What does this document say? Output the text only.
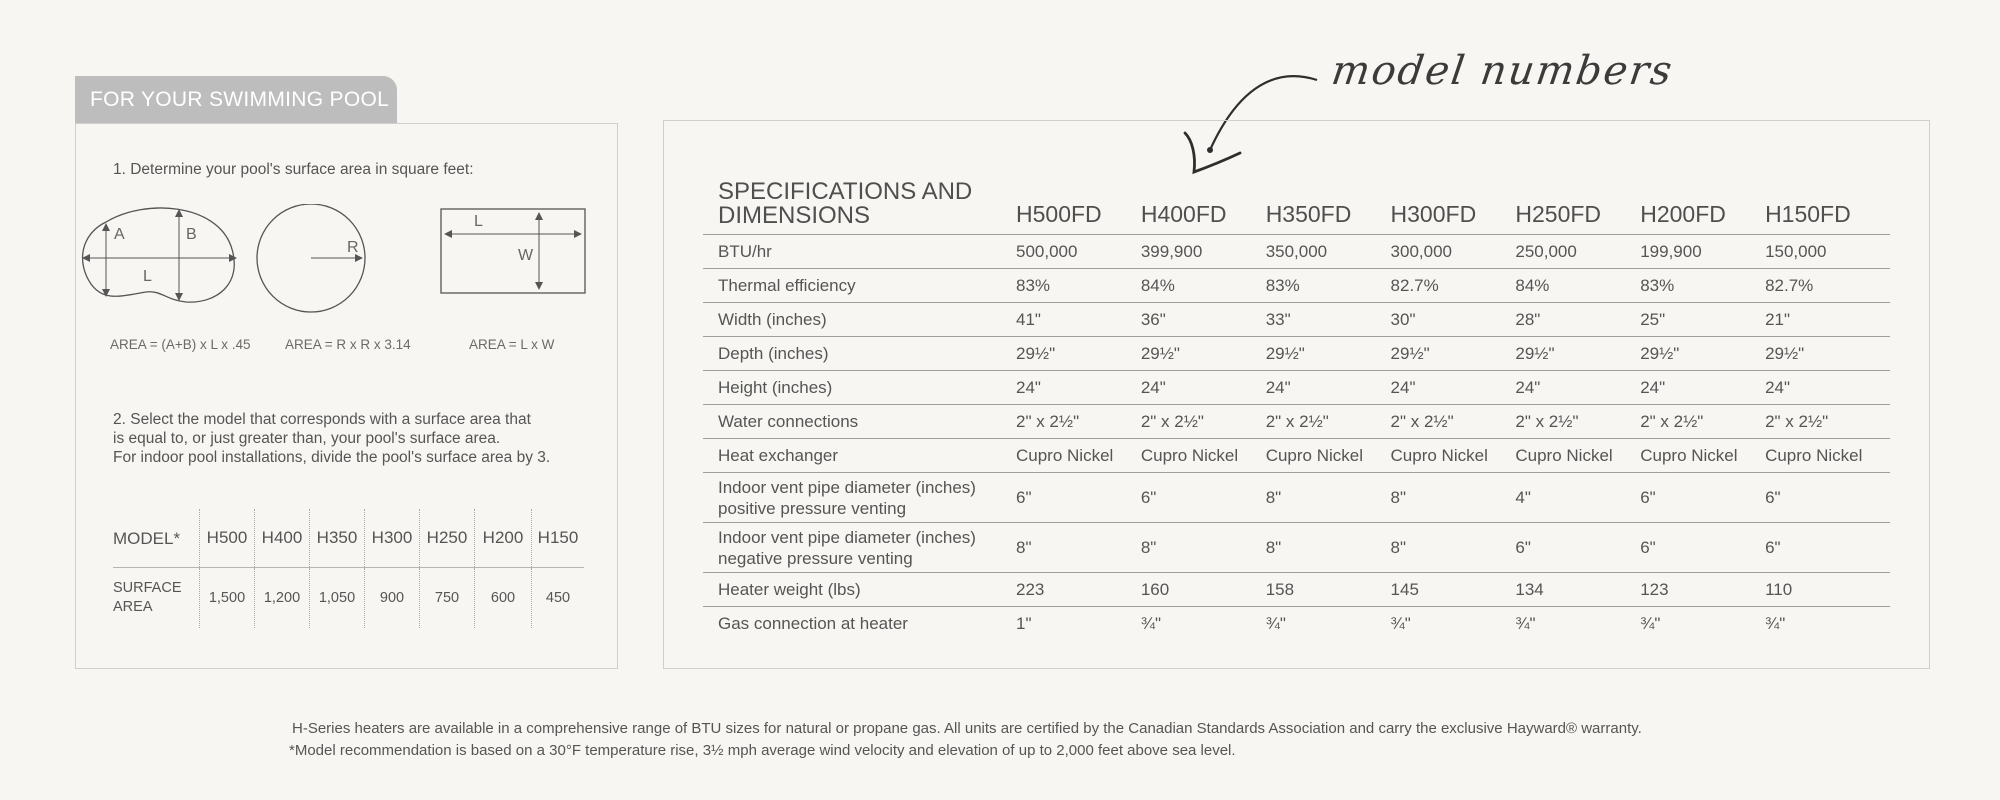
FOR YOUR SWIMMING POOL
1. Determine your pool's surface area in square feet:
A	B
L
R
L
W
AREA = (A+B) x L x .45	AREA = R x R x 3.14	AREA = L x W
2. Select the model that corresponds with a surface area that
is equal to, or just greater than, your pool's surface area.
For indoor pool installations, divide the pool's surface area by 3.
MODEL*	H500	H400	H350	H300	H250	H200	H150
SURFACE
AREA	1,500	1,200	1,050	900	750	600	450
model numbers
SPECIFICATIONS AND
DIMENSIONS	H500FD	H400FD	H350FD	H300FD	H250FD	H200FD	H150FD
BTU/hr	500,000	399,900	350,000	300,000	250,000	199,900	150,000
Thermal efficiency	83%	84%	83%	82.7%	84%	83%	82.7%
Width (inches)	41"	36"	33"	30"	28"	25"	21"
Depth (inches)	29½"	29½"	29½"	29½"	29½"	29½"	29½"
Height (inches)	24"	24"	24"	24"	24"	24"	24"
Water connections	2" x 2½"	2" x 2½"	2" x 2½"	2" x 2½"	2" x 2½"	2" x 2½"	2" x 2½"
Heat exchanger	Cupro Nickel	Cupro Nickel	Cupro Nickel	Cupro Nickel	Cupro Nickel	Cupro Nickel	Cupro Nickel
Indoor vent pipe diameter (inches)
positive pressure venting	6"	6"	8"	8"	4"	6"	6"
Indoor vent pipe diameter (inches)
negative pressure venting	8"	8"	8"	8"	6"	6"	6"
Heater weight (lbs)	223	160	158	145	134	123	110
Gas connection at heater	1"	¾"	¾"	¾"	¾"	¾"	¾"
H-Series heaters are available in a comprehensive range of BTU sizes for natural or propane gas. All units are certified by the Canadian Standards Association and carry the exclusive Hayward® warranty.
*Model recommendation is based on a 30°F temperature rise, 3½ mph average wind velocity and elevation of up to 2,000 feet above sea level.
